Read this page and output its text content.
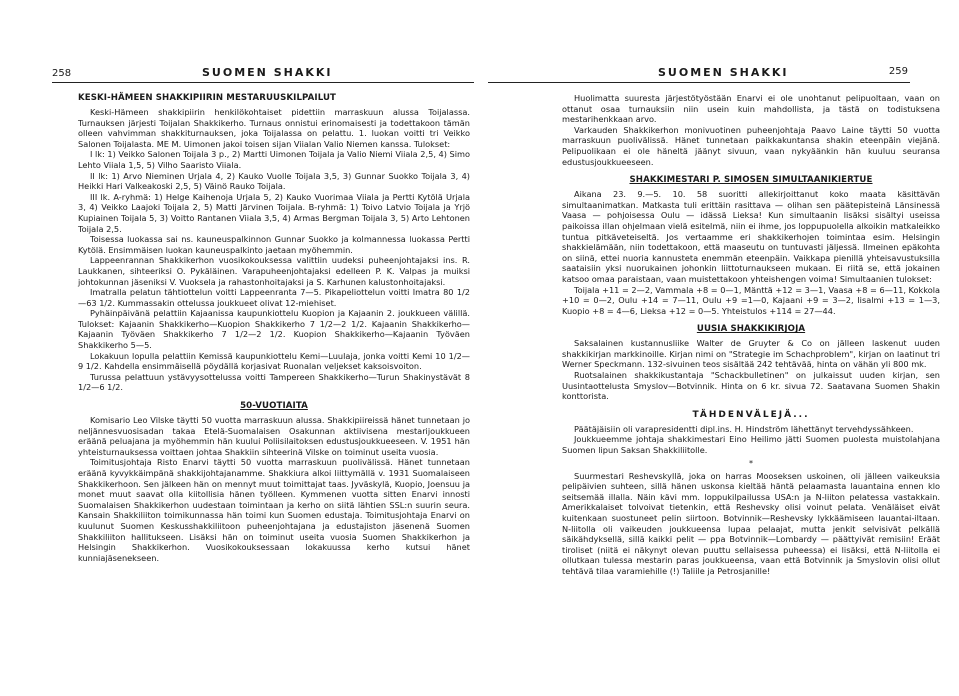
258	SUOMEN SHAKKI
KESKI-HÄMEEN SHAKKIPIIRIN MESTARUUSKILPAILUT

Keski-Hämeen shakkipiirin henkilökohtaiset pidettiin marraskuun alussa Toijalassa. Turnauksen järjesti Toijalan Shakkikerho. Turnaus onnistui erinomaisesti ja todettakoon tämän olleen vahvimman shakkiturnauksen, joka Toijalassa on pelattu. 1. luokan voitti tri Veikko Salonen Toijalasta. ME M. Uimonen jakoi toisen sijan Viialan Valio Niemen kanssa. Tulokset:

I lk: 1) Veikko Salonen Toijala 3 p., 2) Martti Uimonen Toijala ja Valio Niemi Viiala 2,5, 4) Simo Lehto Viiala 1,5, 5) Vilho Saaristo Viiala.

II lk: 1) Arvo Nieminen Urjala 4, 2) Kauko Vuolle Toijala 3,5, 3) Gunnar Suokko Toijala 3, 4) Heikki Hari Valkeakoski 2,5, 5) Väinö Rauko Toijala.

III lk. A-ryhmä: 1) Helge Kaihenoja Urjala 5, 2) Kauko Vuorimaa Viiala ja Pertti Kytölä Urjala 3, 4) Veikko Laajoki Toijala 2, 5) Matti Järvinen Toijala. B-ryhmä: 1) Toivo Latvio Toijala ja Yrjö Kupiainen Toijala 5, 3) Voitto Rantanen Viiala 3,5, 4) Armas Bergman Toijala 3, 5) Arto Lehtonen Toijala 2,5.

Toisessa luokassa sai ns. kauneuspalkinnon Gunnar Suokko ja kolmannessa luokassa Pertti Kytölä. Ensimmäisen luokan kauneuspalkinto jaetaan myöhemmin.

Lappeenrannan Shakkikerhon vuosikokouksessa valittiin uudeksi puheenjohtajaksi ins. R. Laukkanen, sihteeriksi O. Pykäläinen. Varapuheenjohtajaksi edelleen P. K. Valpas ja muiksi johtokunnan jäseniksi V. Vuoksela ja rahastonhoitajaksi ja S. Karhunen kalustonhoitajaksi.

Imatralla pelatun tähtiottelun voitti Lappeenranta 7—5. Pikapeliottelun voitti Imatra 80 1/2—63 1/2. Kummassakin ottelussa joukkueet olivat 12-miehiset.

Pyhäinpäivänä pelattiin Kajaanissa kaupunkiottelu Kuopion ja Kajaanin 2. joukkueen välillä. Tulokset: Kajaanin Shakkikerho—Kuopion Shakkikerho 7 1/2—2 1/2. Kajaanin Shakkikerho—Kajaanin Työväen Shakkikerho 7 1/2—2 1/2. Kuopion Shakkikerho—Kajaanin Työväen Shakkikerho 5—5.

Lokakuun lopulla pelattiin Kemissä kaupunkiottelu Kemi—Luulaja, jonka voitti Kemi 10 1/2—9 1/2. Kahdella ensimmäisellä pöydällä korjasivat Ruonalan veljekset kaksoisvoiton.

Turussa pelattuun ystävyysottelussa voitti Tampereen Shakkikerho—Turun Shakinystävät 8 1/2—6 1/2.

50-VUOTIAITA

Komisario Leo Vilske täytti 50 vuotta marraskuun alussa. Shakkipiireissä hänet tunnetaan jo neljännesvuosisadan takaa Etelä-Suomalaisen Osakunnan aktiivisena mestarijoukkueen eräänä peluajana ja myöhemmin hän kuului Poliisilaitoksen edustusjoukkueeseen. V. 1951 hän yhteisturnauksessa voittaen johtaa Shakkiin sihteerinä Vilske on toiminut useita vuosia.

Toimitusjohtaja Risto Enarvi täytti 50 vuotta marraskuun puolivälissä. Hänet tunnetaan eräänä kyvykkäimpänä shakkijohtajanamme. Shakkiura alkoi liittymällä v. 1931 Suomalaiseen Shakkikerhoon. Sen jälkeen hän on mennyt muut toimittajat taas. Jyväskylä, Kuopio, Joensuu ja monet muut saavat olla kiitollisia hänen työlleen. Kymmenen vuotta sitten Enarvi innosti Suomalaisen Shakkikerhon uudestaan toimintaan ja kerho on siitä lähtien SSL:n suurin seura. Kansain Shakkiliiton toimikunnassa hän toimi kun Suomen edustaja. Toimitusjohtaja Enarvi on kuulunut Suomen Keskusshakkiliitoon puheenjohtajana ja edustajiston jäsenenä Suomen Shakkiliiton hallitukseen. Lisäksi hän on toiminut useita vuosia Suomen Shakkikerhon ja Helsingin Shakkikerhon. Vuosikokouksessaan lokakuussa kerho kutsui hänet kunniajäsenekseen.

SUOMEN SHAKKI	259

Huolimatta suuresta järjestötyöstään Enarvi ei ole unohtanut pelipuoltaan, vaan on ottanut osaa turnauksiin niin usein kuin mahdollista, ja tästä on todistuksena mestarihenkkaan arvo.

Varkauden Shakkikerhon monivuotinen puheenjohtaja Paavo Laine täytti 50 vuotta marraskuun puolivälissä. Hänet tunnetaan paikkakuntansa shakin eteenpäin viejänä. Pelipuolikaan ei ole häneltä jäänyt sivuun, vaan nykyäänkin hän kuuluu seuransa edustusjoukkueeseen.

SHAKKIMESTARI P. SIMOSEN SIMULTAANIKIERTUE

Aikana 23. 9.—5. 10. 58 suoritti allekirjoittanut koko maata käsittävän simultaanimatkan. Matkasta tuli erittäin rasittava — olihan sen päätepisteinä Länsinessä Vaasa — pohjoisessa Oulu — idässä Lieksa! Kun simultaanin lisäksi sisältyi useissa paikoissa illan ohjelmaan vielä esitelmä, niin ei ihme, jos loppupuolella alkoikin matkaleikko tuntua pitkäveteiseltä. Jos vertaamme eri shakkikerhojen toimintaa esim. Helsingin shakkielämään, niin todettakoon, että maaseutu on tuntuvasti jäljessä. Ilmeinen epäkohta on siinä, ettei nuoria kannusteta enemmän eteenpäin. Vaikkapa pienillä yhteisavustuksilla saataisiin yksi nuorukainen johonkin liittoturnaukseen mukaan. Ei riitä se, että jokainen katsoo omaa paraistaan, vaan muistettakoon yhteishengen voima! Simultaanien tulokset:

Toijala +11 = 2—2, Vammala +8 = 0—1, Mänttä +12 = 3—1, Vaasa +8 = 6—11, Kokkola +10 = 0—2, Oulu +14 = 7—11, Oulu +9 =1—0, Kajaani +9 = 3—2, Iisalmi +13 = 1—3, Kuopio +8 = 4—6, Lieksa +12 = 0—5. Yhteistulos +114 = 27—44.

UUSIA SHAKKIKIRJOJA

Saksalainen kustannusliike Walter de Gruyter & Co on jälleen laskenut uuden shakkikirjan markkinoille. Kirjan nimi on "Strategie im Schachproblem", kirjan on laatinut tri Werner Speckmann. 132-sivuinen teos sisältää 242 tehtävää, hinta on vähän yli 800 mk.

Ruotsalainen shakkikustantaja "Schackbulletinen" on julkaissut uuden kirjan, sen Uusintaottelusta Smyslov—Botvinnik. Hinta on 6 kr. sivua 72. Saatavana Suomen Shakin konttorista.

TÄHDENVÄLEJÄ...

Päätäjäisiin oli varapresidentti dipl.ins. H. Hindström lähettänyt tervehdyssähkeen.

Joukkueemme johtaja shakkimestari Eino Heilimo jätti Suomen puolesta muistolahjana Suomen lipun Saksan Shakkiliitolle.

*

Suurmestari Reshevskyllä, joka on harras Mooseksen uskoinen, oli jälleen vaikeuksia pelipäivien suhteen, sillä hänen uskonsa kieltää häntä pelaamasta lauantaina ennen klo seitsemää illalla. Näin kävi mm. loppukilpailussa USA:n ja N-liiton pelatessa vastakkain. Amerikkalaiset tolvoivat tietenkin, että Reshevsky olisi voinut pelata. Venäläiset eivät kuitenkaan suostuneet pelin siirtoon. Botvinnik—Reshevsky lykkäämiseen lauantai-iltaan. N-liitolla oli vaikeuden joukkueensa lupaa pelaajat, mutta jenkit selvisivät pelkällä säikähdyksellä, sillä kaikki pelit — ppa Botvinnik—Lombardy — päättyivät remisiin! Eräät tiroliset (niitä ei näkynyt olevan puuttu sellaisessa puheessa) ei lisäksi, että N-liitolla ei ollutkaan tulessa mestarin paras joukkueensa, vaan että Botvinnik ja Smyslovin olisi ollut tehtävä tilaa varamiehille (!) Taliile ja Petrosjanille!
